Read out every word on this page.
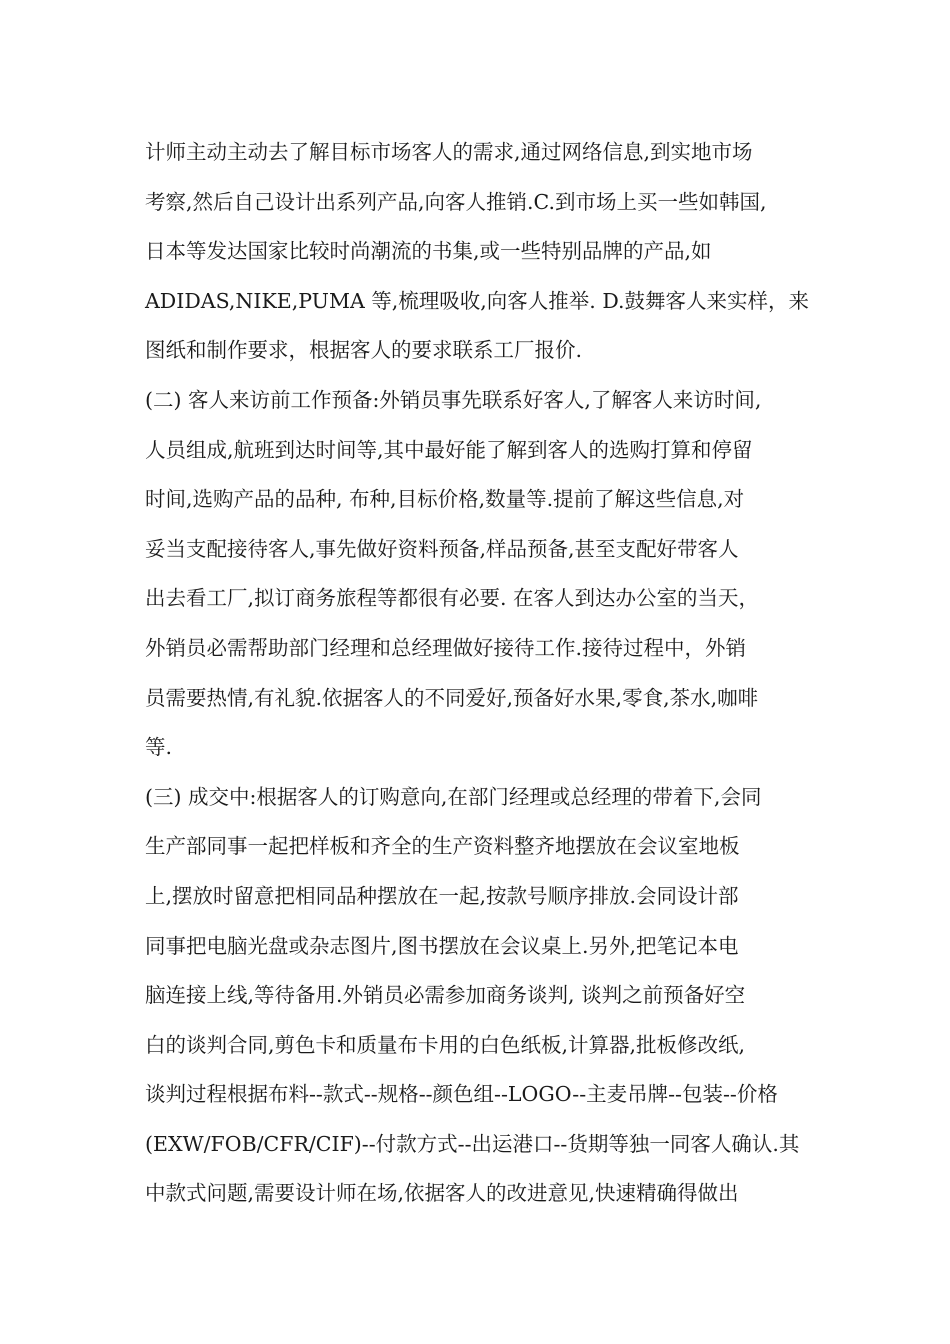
计师主动主动去了解目标市场客人的需求,通过网络信息,到实地市场
考察,然后自己设计出系列产品,向客人推销.C.到市场上买一些如韩国,
日本等发达国家比较时尚潮流的书集,或一些特别品牌的产品,如
ADIDAS,NIKE,PUMA 等,梳理吸收,向客人推举. D.鼓舞客人来实样，来
图纸和制作要求，根据客人的要求联系工厂报价.
(二) 客人来访前工作预备:外销员事先联系好客人,了解客人来访时间,
人员组成,航班到达时间等,其中最好能了解到客人的选购打算和停留
时间,选购产品的品种, 布种,目标价格,数量等.提前了解这些信息,对
妥当支配接待客人,事先做好资料预备,样品预备,甚至支配好带客人
出去看工厂,拟订商务旅程等都很有必要. 在客人到达办公室的当天，
外销员必需帮助部门经理和总经理做好接待工作.接待过程中，外销
员需要热情,有礼貌.依据客人的不同爱好,预备好水果,零食,茶水,咖啡
等.
(三) 成交中:根据客人的订购意向,在部门经理或总经理的带着下,会同
生产部同事一起把样板和齐全的生产资料整齐地摆放在会议室地板
上,摆放时留意把相同品种摆放在一起,按款号顺序排放.会同设计部
同事把电脑光盘或杂志图片,图书摆放在会议桌上.另外,把笔记本电
脑连接上线,等待备用.外销员必需参加商务谈判, 谈判之前预备好空
白的谈判合同,剪色卡和质量布卡用的白色纸板,计算器,批板修改纸,
谈判过程根据布料--款式--规格--颜色组--LOGO--主麦吊牌--包装--价格
(EXW/FOB/CFR/CIF)--付款方式--出运港口--货期等独一同客人确认.其
中款式问题,需要设计师在场,依据客人的改进意见,快速精确得做出
